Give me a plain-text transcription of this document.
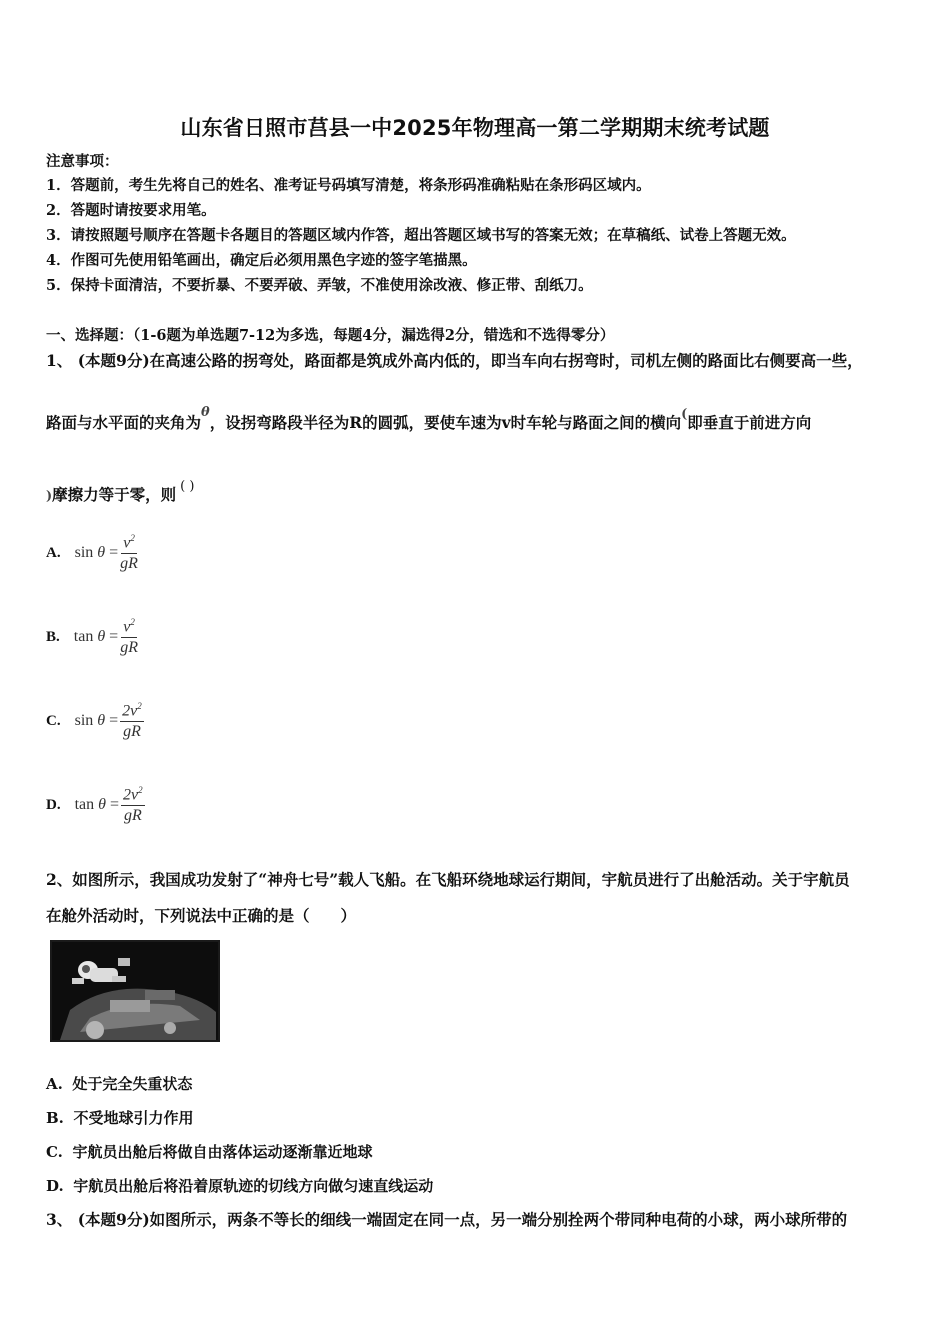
山东省日照市莒县一中2025年物理高一第二学期期末统考试题
注意事项：
1．答题前，考生先将自己的姓名、准考证号码填写清楚，将条形码准确粘贴在条形码区域内。
2．答题时请按要求用笔。
3．请按照题号顺序在答题卡各题目的答题区域内作答，超出答题区域书写的答案无效；在草稿纸、试卷上答题无效。
4．作图可先使用铅笔画出，确定后必须用黑色字迹的签字笔描黑。
5．保持卡面清洁，不要折暴、不要弄破、弄皱，不准使用涂改液、修正带、刮纸刀。
一、选择题：（1-6题为单选题7-12为多选，每题4分，漏选得2分，错选和不选得零分）
1、 (本题9分)在高速公路的拐弯处，路面都是筑成外高内低的，即当车向右拐弯时，司机左侧的路面比右侧要高一些，
路面与水平面的夹角为$^\theta$，设拐弯路段半径为R的圆弧，要使车速为v时车轮与路面之间的横向(即垂直于前进方向
)摩擦力等于零，则 ( )
A. sin
θ
= $\frac{v^2}{gR}$
B. tan
θ
= $\frac{v^2}{gR}$
C. sin
θ
= $\frac{2v^2}{gR}$
D. tan
θ
= $\frac{2v^2}{gR}$
2、如图所示，我国成功发射了“神舟七号”载人飞船。在飞船环绕地球运行期间，宇航员进行了出舱活动。关于宇航员
在舱外活动时，下列说法中正确的是（　　）
A. 处于完全失重状态
B. 不受地球引力作用
C. 宇航员出舱后将做自由落体运动逐渐靠近地球
D. 宇航员出舱后将沿着原轨迹的切线方向做匀速直线运动
3、 (本题9分)如图所示，两条不等长的细线一端固定在同一点，另一端分别拴两个带同种电荷的小球，两小球所带的
